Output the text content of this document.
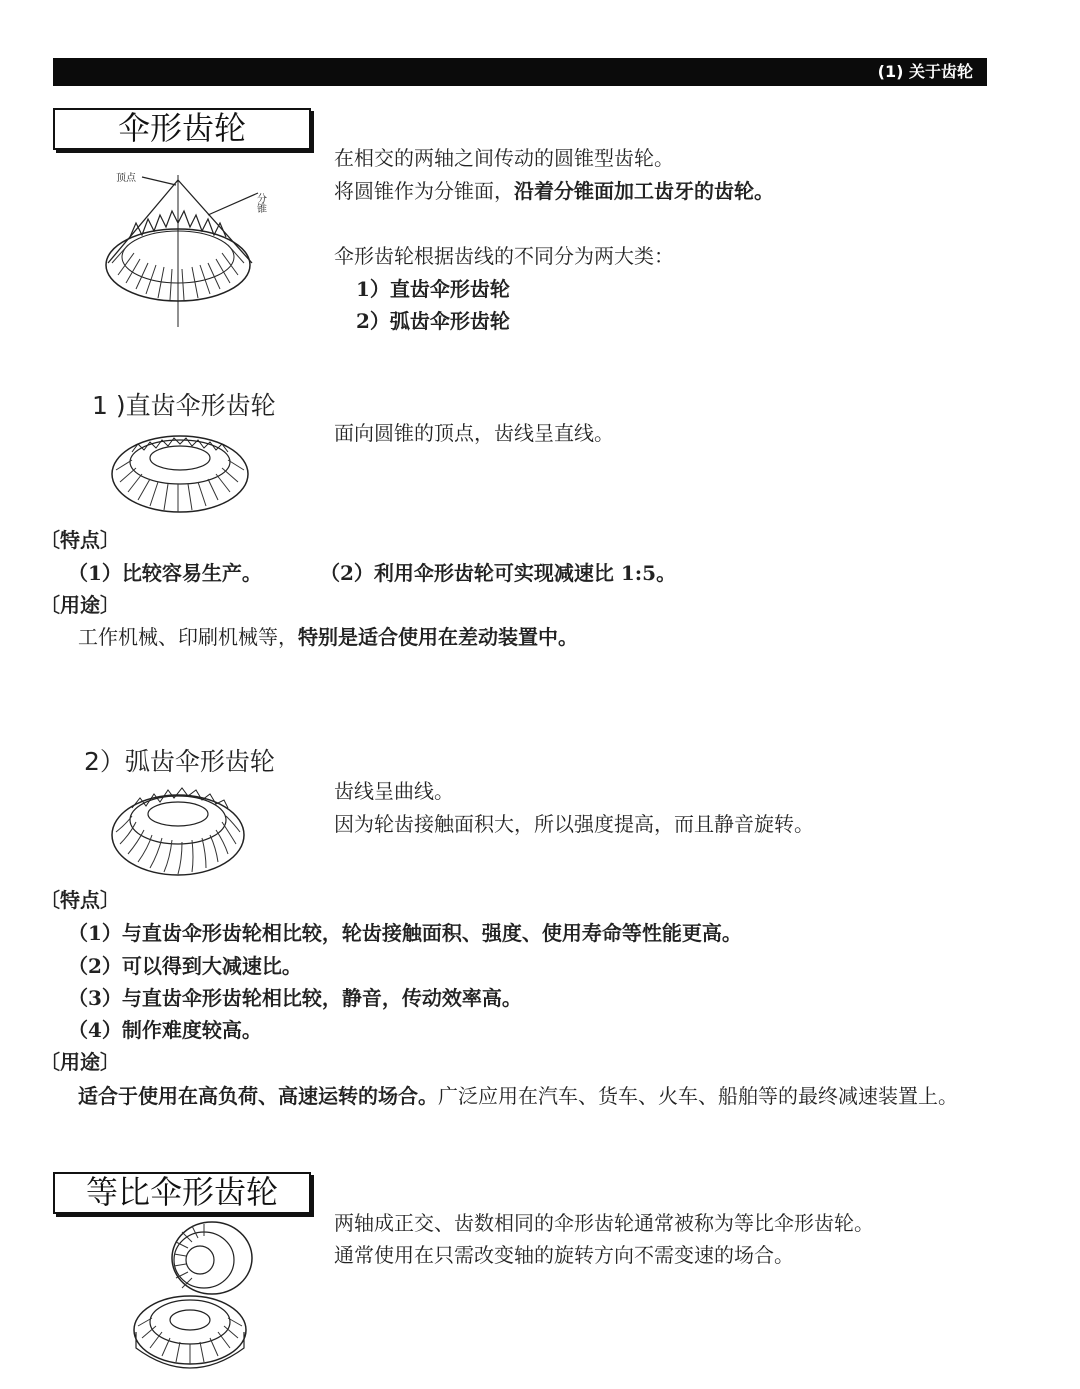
(1) 关于齿轮
伞形齿轮
顶点
分锥
在相交的两轴之间传动的圆锥型齿轮。
将圆锥作为分锥面，沿着分锥面加工齿牙的齿轮。
伞形齿轮根据齿线的不同分为两大类：
1）直齿伞形齿轮
2）弧齿伞形齿轮
1 )直齿伞形齿轮
面向圆锥的顶点，齿线呈直线。
〔特点〕
（1）比较容易生产。	（2）利用伞形齿轮可实现减速比 1:5。
〔用途〕
工作机械、印刷机械等，特别是适合使用在差动装置中。
2）弧齿伞形齿轮
齿线呈曲线。
因为轮齿接触面积大，所以强度提高，而且静音旋转。
〔特点〕
（1）与直齿伞形齿轮相比较，轮齿接触面积、强度、使用寿命等性能更高。
（2）可以得到大减速比。
（3）与直齿伞形齿轮相比较，静音，传动效率高。
（4）制作难度较高。
〔用途〕
适合于使用在高负荷、高速运转的场合。广泛应用在汽车、货车、火车、船舶等的最终减速装置上。
等比伞形齿轮
两轴成正交、齿数相同的伞形齿轮通常被称为等比伞形齿轮。
通常使用在只需改变轴的旋转方向不需变速的场合。
